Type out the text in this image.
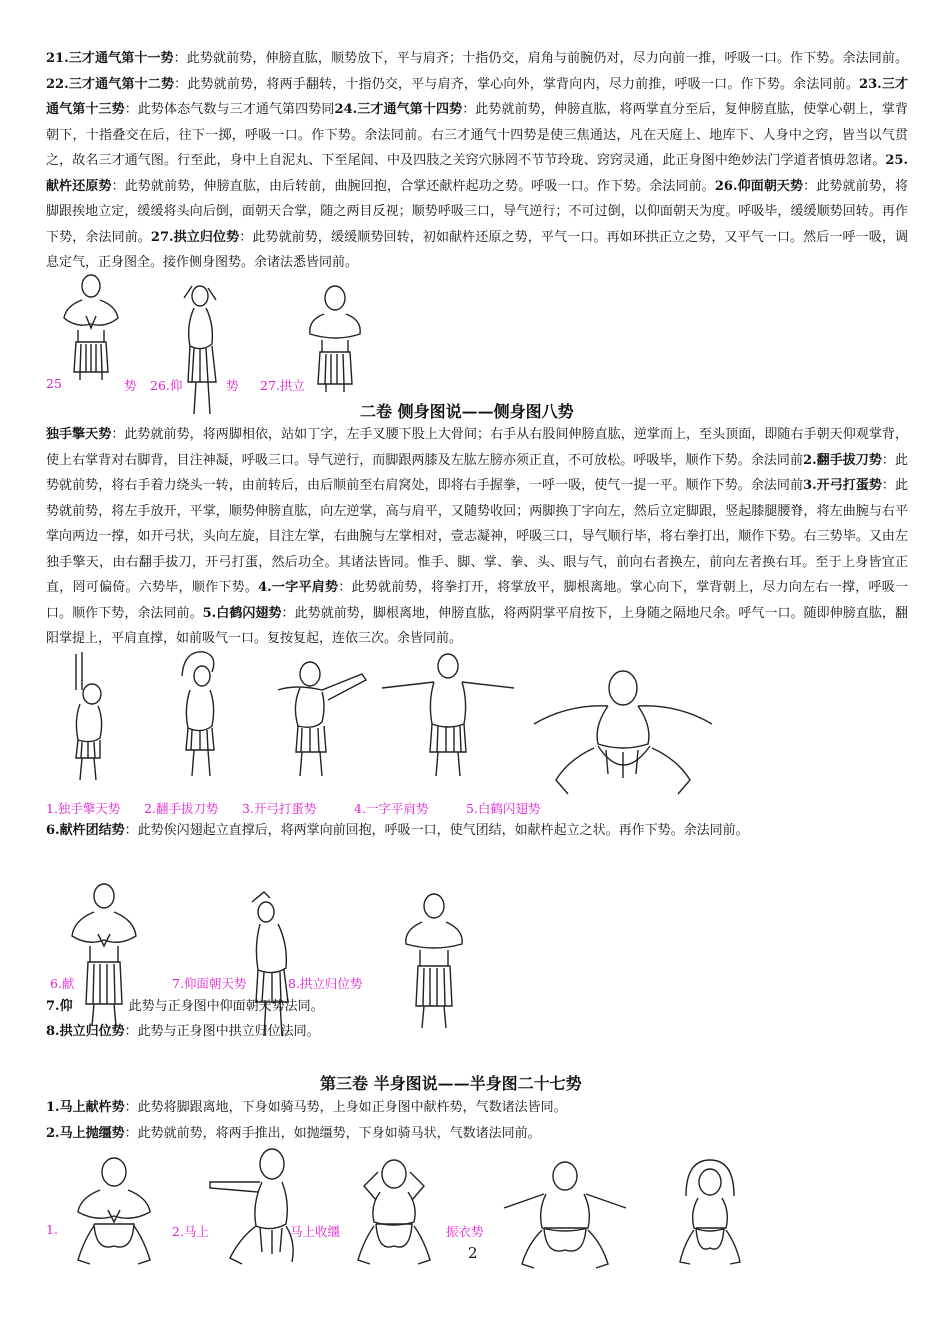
21.三才通气第十一势：此势就前势，伸膀直肱，顺势放下，平与肩齐；十指仍交，肩角与前腕仍对，尽力向前一推，呼吸一口。作下势。余法同前。22.三才通气第十二势：此势就前势，将两手翻转，十指仍交，平与肩齐，掌心向外，掌背向内，尽力前推，呼吸一口。作下势。余法同前。23.三才通气第十三势：此势体态气数与三才通气第四势同24.三才通气第十四势：此势就前势，伸膀直肱，将两掌直分至后，复伸膀直肱，使掌心朝上，掌背朝下，十指叠交在后，往下一掷，呼吸一口。作下势。余法同前。右三才通气十四势是使三焦通达，凡在天庭上、地库下、人身中之窍，皆当以气贯之，故名三才通气图。行至此，身中上自泥丸、下至尾闾、中及四肢之关窍穴脉罔不节节玲珑、窍窍灵通，此正身图中绝妙法门学道者慎毋忽诸。25.献杵还原势：此势就前势，伸膀直肱，由后转前，曲腕回抱，合掌还献杵起功之势。呼吸一口。作下势。余法同前。26.仰面朝天势：此势就前势，将脚跟挨地立定，缓缓将头向后倒，面朝天合掌，随之两目反视；顺势呼吸三口，导气逆行；不可过倒，以仰面朝天为度。呼吸毕，缓缓顺势回转。再作下势，余法同前。27.拱立归位势：此势就前势，缓缓顺势回转，初如献杵还原之势，平气一口。再如环拱正立之势，又平气一口。然后一呼一吸，调息定气，正身图全。接作侧身图势。余诸法悉皆同前。

25	势 26.仰	势 27.拱立
二卷 侧身图说——侧身图八势

独手擎天势：此势就前势，将两脚相依，站如丁字，左手叉腰下股上大骨间；右手从右股间伸膀直肱，逆掌而上，至头顶面，即随右手朝天仰观掌背，使上右掌背对右脚背，目注神凝，呼吸三口。导气逆行，而脚跟两膝及左肱左膀亦须正直，不可放松。呼吸毕，顺作下势。余法同前2.翻手拔刀势：此势就前势，将右手着力绕头一转，由前转后，由后顺前至右肩窝处，即将右手握拳，一呼一吸，使气一提一平。顺作下势。余法同前3.开弓打蛋势：此势就前势，将左手放开，平掌，顺势伸膀直肱，向左逆掌，高与肩平，又随势收回；两脚换丁字向左，然后立定脚跟，竖起膝腿腰脊，将左曲腕与右平掌向两边一撑，如开弓状，头向左旋，目注左掌，右曲腕与左掌相对，壹志凝神，呼吸三口，导气顺行毕，将右拳打出，顺作下势。右三势毕。又由左独手擎天，由右翻手拔刀，开弓打蛋，然后功全。其诸法皆同。惟手、脚、掌、拳、头、眼与气，前向右者换左，前向左者换右耳。至于上身皆宜正直，罔可偏倚。六势毕，顺作下势。4.一字平肩势：此势就前势，将拳打开，将掌放平，脚根离地。掌心向下，掌背朝上，尽力向左右一撑，呼吸一口。顺作下势，余法同前。5.白鹤闪翅势：此势就前势，脚根离地，伸膀直肱，将两阴掌平肩按下，上身随之隔地尺余。呼气一口。随即伸膀直肱，翻阳掌提上，平肩直撑，如前吸气一口。复按复起，连依三次。余皆同前。

1.独手擎天势 2.翻手拔刀势 3.开弓打蛋势	4.一字平肩势	5.白鹤闪翅势

6.献杵团结势：此势俟闪翅起立直撑后，将两掌向前回抱，呼吸一口，使气团结，如献杵起立之状。再作下势。余法同前。

6.献	7.仰面朝天势	8.拱立归位势

7.仰	此势与正身图中仰面朝天势法同。

8.拱立归位势：此势与正身图中拱立归位法同。

第三卷 半身图说——半身图二十七势

1.马上献杵势：此势将脚跟离地，下身如骑马势，上身如正身图中献杵势，气数诸法皆同。

2.马上抛缰势：此势就前势，将两手推出，如抛缰势，下身如骑马状，气数诸法同前。

1.	2.马上	马上收缰	振衣势
2
